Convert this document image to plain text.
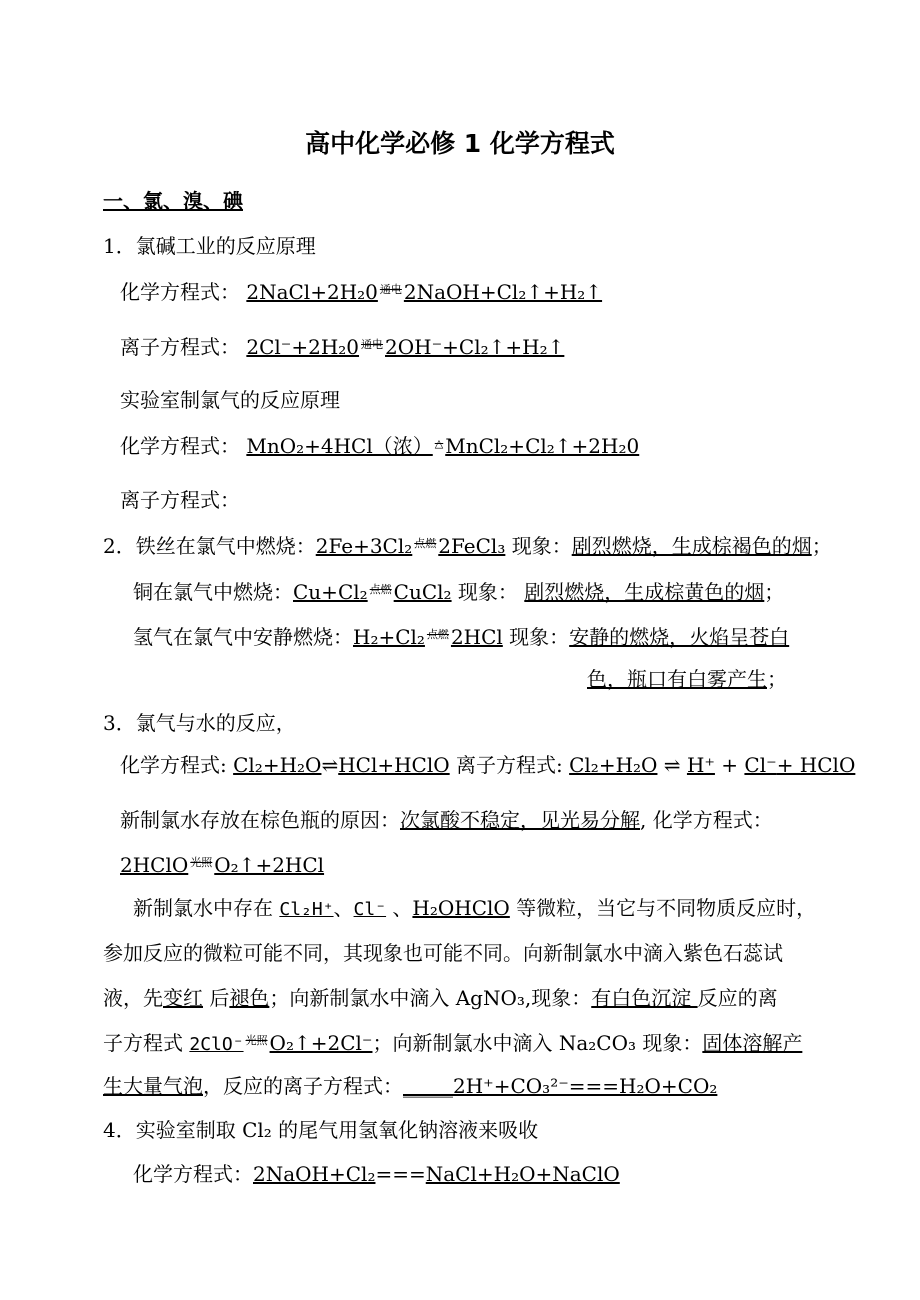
高中化学必修 1 化学方程式
一、氯、溴、碘
1．氯碱工业的反应原理
化学方程式： 2NaCl+2H₂0 通电 2NaOH+Cl₂↑+H₂↑
离子方程式： 2Cl⁻+2H₂0 通电 2OH⁻+Cl₂↑+H₂↑
实验室制氯气的反应原理
化学方程式： MnO₂+4HCl（浓） △ MnCl₂+Cl₂↑+2H₂0
离子方程式：
2．铁丝在氯气中燃烧：2Fe+3Cl₂ 点燃 2FeCl₃ 现象：剧烈燃烧，生成棕褐色的烟；
铜在氯气中燃烧：Cu+Cl₂ 点燃 CuCl₂ 现象： 剧烈燃烧，生成棕黄色的烟；
氢气在氯气中安静燃烧：H₂+Cl₂ 点燃 2HCl 现象：安静的燃烧，火焰呈苍白
色，瓶口有白雾产生；
3．氯气与水的反应，
化学方程式: Cl₂+H₂O⇌HCl+HClO 离子方程式: Cl₂+H₂O ⇌ H⁺ + Cl⁻+ HClO
新制氯水存放在棕色瓶的原因：次氯酸不稳定，见光易分解, 化学方程式：
2HClO 光照 O₂↑+2HCl
新制氯水中存在 Cl₂H⁺、Cl⁻ 、H₂OHClO 等微粒，当它与不同物质反应时，
参加反应的微粒可能不同，其现象也可能不同。向新制氯水中滴入紫色石蕊试
液，先变红 后褪色；向新制氯水中滴入 AgNO₃,现象：有白色沉淀 反应的离
子方程式 2ClO⁻ 光照 O₂↑+2Cl⁻；向新制氯水中滴入 Na₂CO₃ 现象：固体溶解产
生大量气泡，反应的离子方程式：_____2H⁺+CO₃²⁻===H₂O+CO₂
4．实验室制取 Cl₂ 的尾气用氢氧化钠溶液来吸收
化学方程式：2NaOH+Cl₂===NaCl+H₂O+NaClO
